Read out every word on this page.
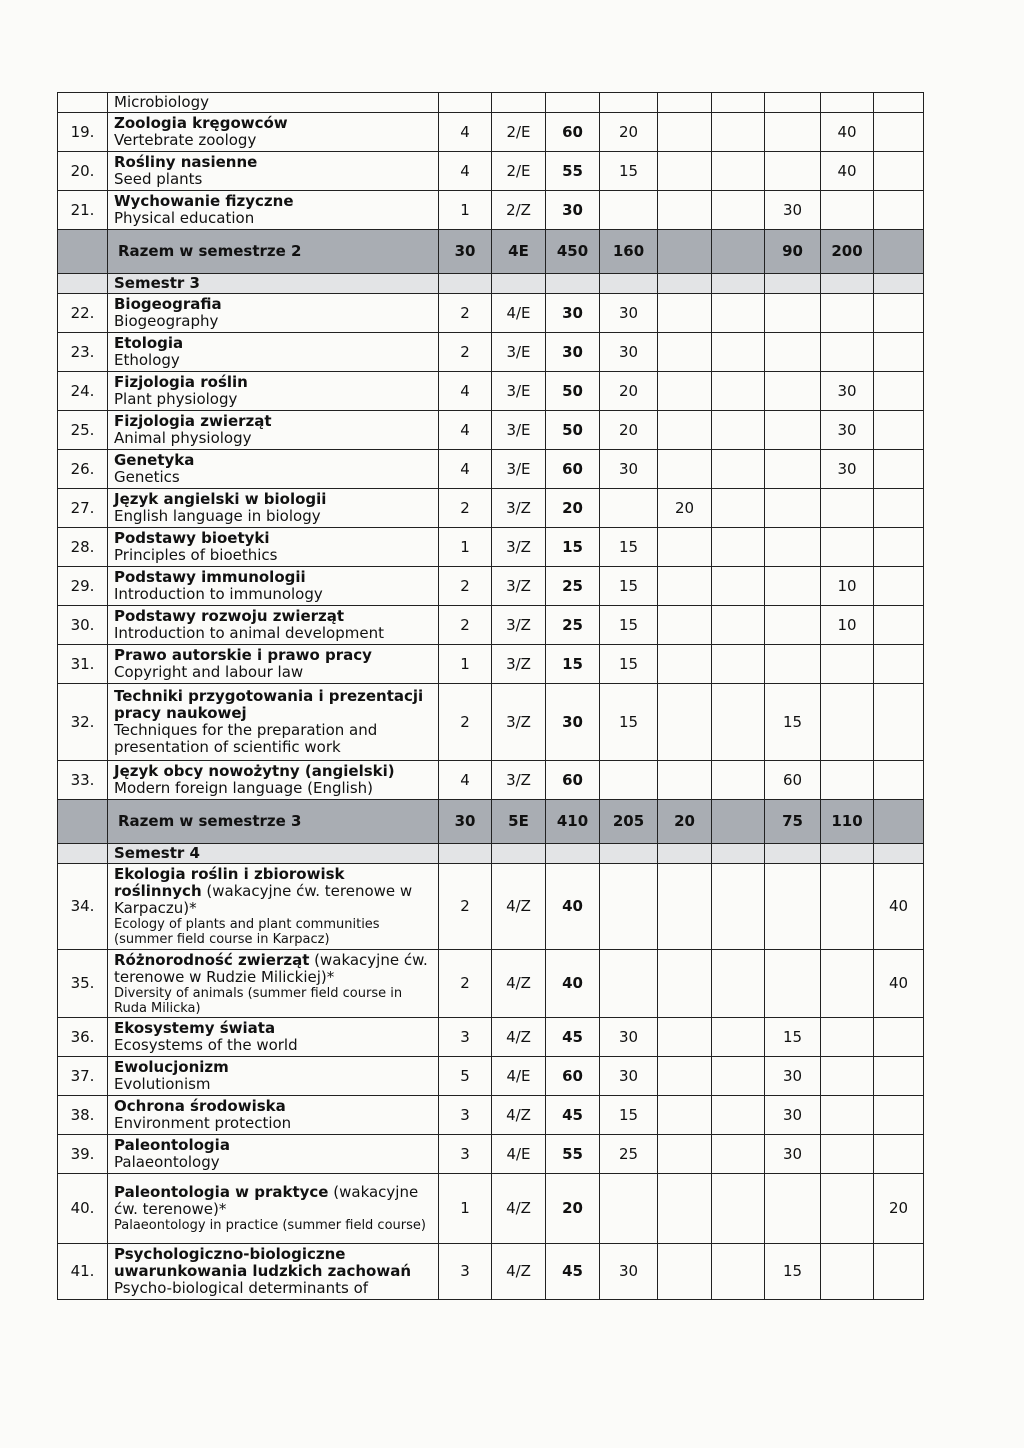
	Microbiology									

19.	Zoologia kręgowców
Vertebrate zoology	4	2/E	60	20				40	
20.	Rośliny nasienne
Seed plants	4	2/E	55	15				40	
21.	Wychowanie fizyczne
Physical education	1	2/Z	30				30		
	Razem w semestrze 2	30	4E	450	160			90	200	
	Semestr 3									
22.	Biogeografia
Biogeography	2	4/E	30	30					
23.	Etologia
Ethology	2	3/E	30	30					
24.	Fizjologia roślin
Plant physiology	4	3/E	50	20				30	
25.	Fizjologia zwierząt
Animal physiology	4	3/E	50	20				30	
26.	Genetyka
Genetics	4	3/E	60	30				30	
27.	Język angielski w biologii
English language in biology	2	3/Z	20		20				
28.	Podstawy bioetyki
Principles of bioethics	1	3/Z	15	15					
29.	Podstawy immunologii
Introduction to immunology	2	3/Z	25	15				10	
30.	Podstawy rozwoju zwierząt
Introduction to animal development	2	3/Z	25	15				10	
31.	Prawo autorskie i prawo pracy
Copyright and labour law	1	3/Z	15	15					
32.	Techniki przygotowania i prezentacji pracy naukowej
Techniques for the preparation and presentation of scientific work	2	3/Z	30	15			15		
33.	Język obcy nowożytny (angielski)
Modern foreign language (English)	4	3/Z	60				60		
	Razem w semestrze 3	30	5E	410	205	20		75	110	
	Semestr 4									
34.	Ekologia roślin i zbiorowisk roślinnych (wakacyjne ćw. terenowe w Karpaczu)*
Ecology of plants and plant communities (summer field course in Karpacz)	2	4/Z	40						40
35.	Różnorodność zwierząt (wakacyjne ćw. terenowe w Rudzie Milickiej)*
Diversity of animals (summer field course in Ruda Milicka)	2	4/Z	40						40
36.	Ekosystemy świata
Ecosystems of the world	3	4/Z	45	30			15		
37.	Ewolucjonizm
Evolutionism	5	4/E	60	30			30		
38.	Ochrona środowiska
Environment protection	3	4/Z	45	15			30		
39.	Paleontologia
Palaeontology	3	4/E	55	25			30		
40.	Paleontologia w praktyce (wakacyjne ćw. terenowe)*
Palaeontology in practice (summer field course)	1	4/Z	20						20
41.	Psychologiczno-biologiczne uwarunkowania ludzkich zachowań
Psycho-biological determinants of	3	4/Z	45	30			15		
